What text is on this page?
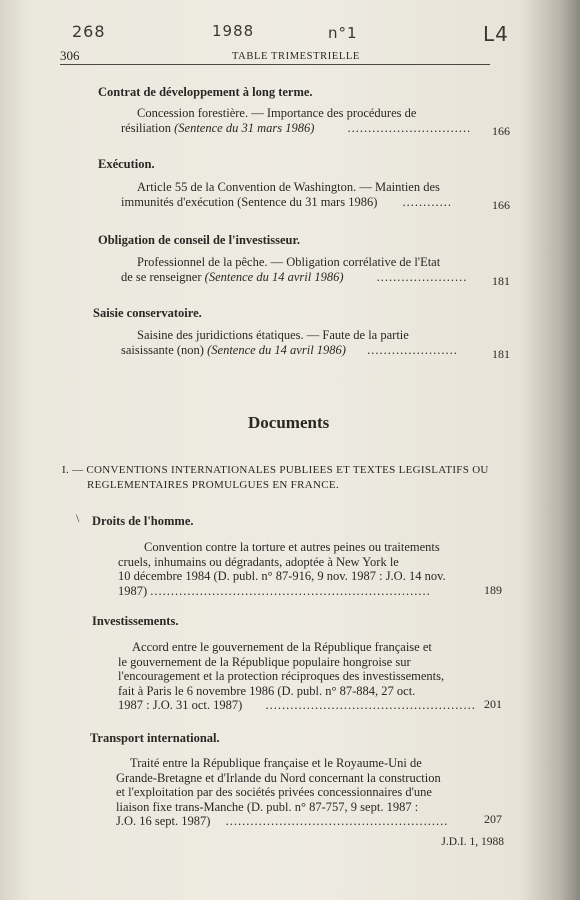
268	1988	n°1	L4
306	TABLE TRIMESTRIELLE
Contrat de développement à long terme.
Concession forestière. — Importance des procédures de
résiliation (Sentence du 31 mars 1986)	.............................. 166
Exécution.
Article 55 de la Convention de Washington. — Maintien des
immunités d'exécution (Sentence du 31 mars 1986) ............	166
Obligation de conseil de l'investisseur.
Professionnel de la pêche. — Obligation corrélative de l'Etat
de se renseigner (Sentence du 14 avril 1986)	...................... 181
Saisie conservatoire.
Saisine des juridictions étatiques. — Faute de la partie
saisissante (non) (Sentence du 14 avril 1986) ......................	181
Documents
I. — CONVENTIONS INTERNATIONALES PUBLIEES ET TEXTES LEGISLATIFS OU
REGLEMENTAIRES PROMULGUES EN FRANCE.
\ Droits de l'homme.
Convention contre la torture et autres peines ou traitements
cruels, inhumains ou dégradants, adoptée à New York le
10 décembre 1984 (D. publ. n° 87-916, 9 nov. 1987 : J.O. 14 nov.
1987) ....................................................................	189
Investissements.
Accord entre le gouvernement de la République française et
le gouvernement de la République populaire hongroise sur
l'encouragement et la protection réciproques des investissements,
fait à Paris le 6 novembre 1986 (D. publ. n° 87-884, 27 oct.
1987 : J.O. 31 oct. 1987) ................................................... 201
Transport international.
Traité entre la République française et le Royaume-Uni de
Grande-Bretagne et d'Irlande du Nord concernant la construction
et l'exploitation par des sociétés privées concessionnaires d'une
liaison fixe trans-Manche (D. publ. n° 87-757, 9 sept. 1987 :
J.O. 16 sept. 1987) ......................................................	207
J.D.I. 1, 1988
